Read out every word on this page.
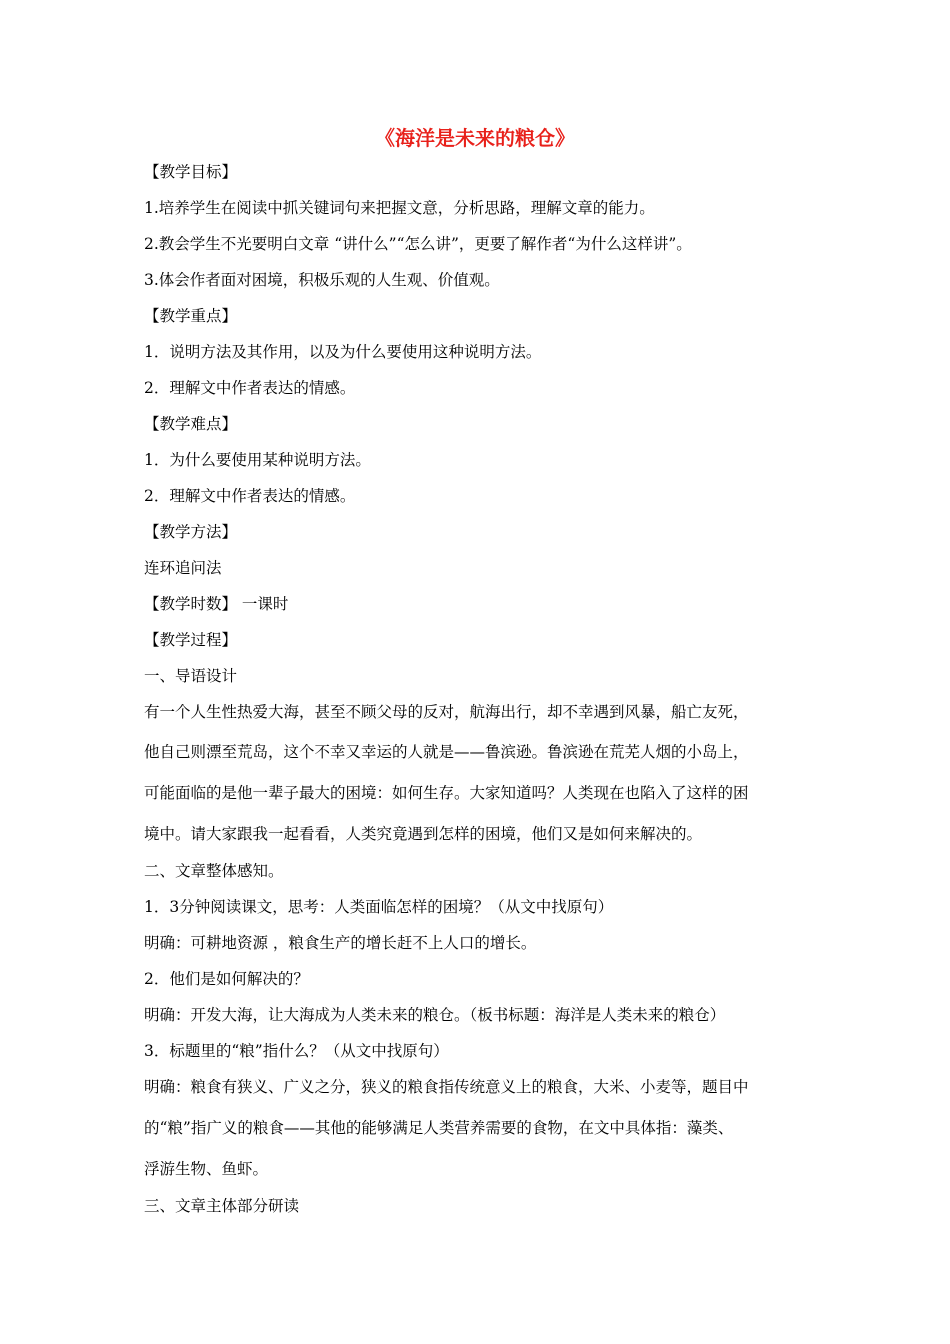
《海洋是未来的粮仓》
【教学目标】
1.培养学生在阅读中抓关键词句来把握文意，分析思路，理解文章的能力。
2.教会学生不光要明白文章 “讲什么”“怎么讲”，更要了解作者“为什么这样讲”。
3.体会作者面对困境，积极乐观的人生观、价值观。
【教学重点】
1．说明方法及其作用，以及为什么要使用这种说明方法。
2．理解文中作者表达的情感。
【教学难点】
1．为什么要使用某种说明方法。
2．理解文中作者表达的情感。
【教学方法】
连环追问法
【教学时数】 一课时
【教学过程】
一、导语设计
有一个人生性热爱大海，甚至不顾父母的反对，航海出行，却不幸遇到风暴，船亡友死，
他自己则漂至荒岛，这个不幸又幸运的人就是——鲁滨逊。鲁滨逊在荒芜人烟的小岛上，
可能面临的是他一辈子最大的困境：如何生存。大家知道吗？人类现在也陷入了这样的困
境中。请大家跟我一起看看，人类究竟遇到怎样的困境，他们又是如何来解决的。
二、文章整体感知。
1．3分钟阅读课文，思考：人类面临怎样的困境？（从文中找原句）
明确：可耕地资源 ，粮食生产的增长赶不上人口的增长。
2．他们是如何解决的？
明确：开发大海，让大海成为人类未来的粮仓。（板书标题：海洋是人类未来的粮仓）
3．标题里的“粮”指什么？（从文中找原句）
明确：粮食有狭义、广义之分，狭义的粮食指传统意义上的粮食，大米、小麦等，题目中
的“粮”指广义的粮食——其他的能够满足人类营养需要的食物，在文中具体指：藻类、
浮游生物、鱼虾。
三、文章主体部分研读
